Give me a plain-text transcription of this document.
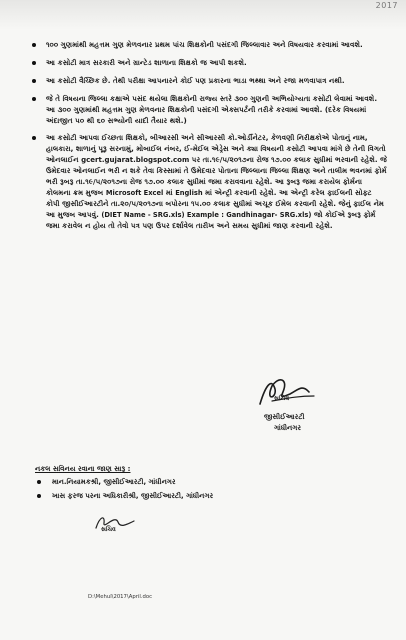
2017
૧૦૦ ગુણમાંથી મહત્તમ ગુણ મેળવનાર પ્રથમ પાંચ શિક્ષકોની પસંદગી જિલ્લાવાર અને વિષયવાર કરવામાં આવશે.
આ કસોટી માત્ર સરકારી અને ગ્રાન્ટેડ શાળાના શિક્ષકો જ આપી શકશે.
આ કસોટી વૈચ્છિક છે. તેથી પરીક્ષા આપનારને કોઈ પણ પ્રકારના ભાડા ભથ્થા અને રજા મળવાપાત્ર નથી.
જે તે વિષયના જિલ્લા કક્ષાએ પસંદ થયેલા શિક્ષકોની રાજ્ય સ્તરે ૩૦૦ ગુણની અભિયોગ્યતા કસોટી લેવામાં આવશે. આ ૩૦૦ ગુણમાંથી મહત્તમ ગુણ મેળવનાર શિક્ષકોની પસંદગી એક્સપર્ટની તરીકે કરવામાં આવશે. (દરેક વિષયમાં અંદાજીત ૫૦ થી ૬૦ સભ્યોની યાદી તૈયાર થશે.)
આ કસોટી આપવા ઈચ્છતા શિક્ષકો, બીઆરસી અને સીઆરસી કો.ઓર્ડીનેટર, કેળવણી નિરીક્ષકોએ પોતાનું નામ, હાલકારા, શાળાનું પૂરૂ સરનામું, મોબાઈલ નંબર, ઈ-મેઈલ એડ્રેસ અને ક્યા વિષયની કસોટી આપવા માંગે છે તેની વિગતો ઓનલાઈન gcert.gujarat.blogspot.com પર તા.૧૯/૫/૨૦૧૭ના રોજ ૧૭.૦૦ કલાક સુધીમાં ભરવાની રહેશે. જે ઉમેદવાર ઓનલાઈન ભરી ન શકે તેવા કિસ્સામાં તે ઉમેદવાર પોતાના જિલ્લાના જિલ્લા શિક્ષણ અને તાલીમ ભવનમાં ફોર્મ ભરી રૂબરૂ તા.૧૯/૫/૨૦૧૭ના રોજ ૧૭.૦૦ કલાક સુધીમાં જમા કરાવવાના રહેશે. આ રૂબરૂ જમા કરાયેલ ફોર્મના કોલમના ક્રમ મુજબ Microsoft Excel માં English માં એન્ટ્રી કરવાની રહેશે. આ એન્ટ્રી કરેલ ફાઈલની સોફ્ટ કોપી જીસીઈઆરટીને તા.૨૦/૫/૨૦૧૭ના બપોરના ૧૫.૦૦ કલાક સુધીમાં અચૂક ઈમેલ કરવાની રહેશે. જેનું ફાઈલ નેમ આ મુજબ આપવું. (DIET Name - SRG.xls) Example : Gandhinagar- SRG.xls) જો કોઈએ રૂબરૂ ફોર્મ જમા કરાવેલ ન હોય તો તેવો પત્ર પણ ઉપર દર્શાવેલ તારીખ અને સમય સુધીમાં જાણ કરવાની રહેશે.
સચિવ
જીસીઈઆરટી
ગાંધીનગર
નકલ સવિનય રવાના જાણ સારૂ :
માન.નિયામકશ્રી, જીસીઈઆરટી, ગાંધીનગર
ખાસ ફરજ પરના અધિકારીશ્રી, જીસીઈઆરટી, ગાંધીનગર
સચિવ
D:\Mehul\2017\April.doc
